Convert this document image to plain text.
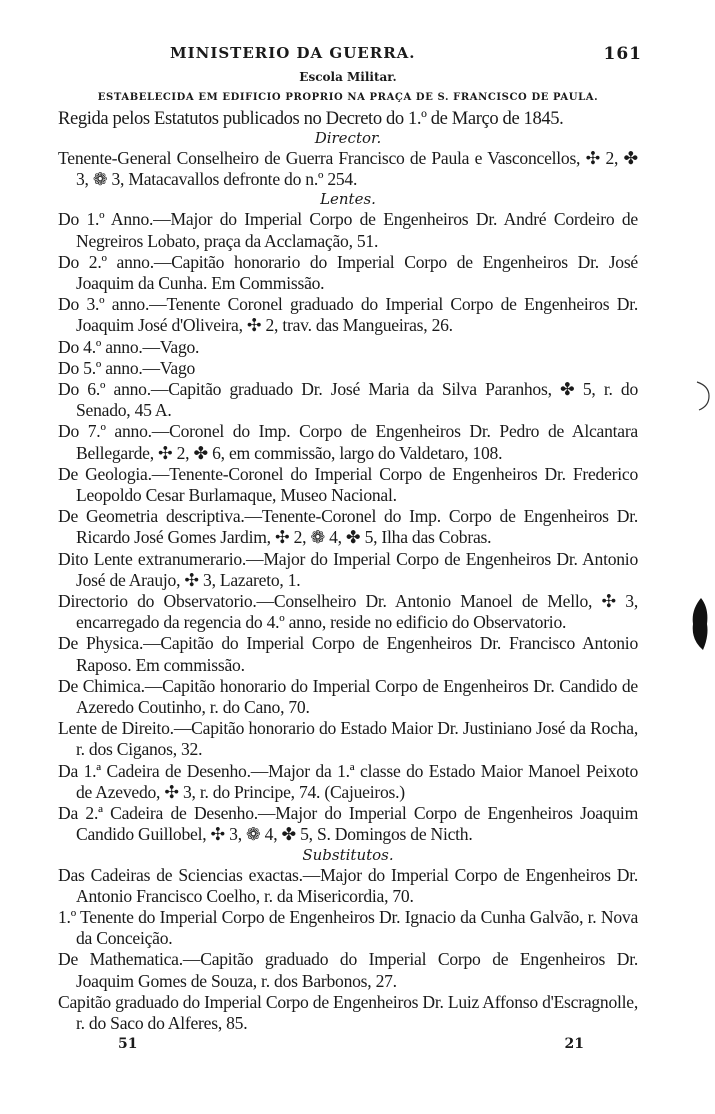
MINISTERIO DA GUERRA.	161
Escola Militar.
ESTABELECIDA EM EDIFICIO PROPRIO NA PRAÇA DE S. FRANCISCO DE PAULA.
Regida pelos Estatutos publicados no Decreto do 1.º de Março de 1845.
Director.
Tenente-General Conselheiro de Guerra Francisco de Paula e Vasconcellos, ✣ 2, ✤ 3, ❁ 3, Matacavallos defronte do n.º 254.
Lentes.
Do 1.º Anno.—Major do Imperial Corpo de Engenheiros Dr. André Cordeiro de Negreiros Lobato, praça da Acclamação, 51.
Do 2.º anno.—Capitão honorario do Imperial Corpo de Engenheiros Dr. José Joaquim da Cunha. Em Commissão.
Do 3.º anno.—Tenente Coronel graduado do Imperial Corpo de Engenheiros Dr. Joaquim José d'Oliveira, ✣ 2, trav. das Mangueiras, 26.
Do 4.º anno.—Vago.
Do 5.º anno.—Vago
Do 6.º anno.—Capitão graduado Dr. José Maria da Silva Paranhos, ✤ 5, r. do Senado, 45 A.
Do 7.º anno.—Coronel do Imp. Corpo de Engenheiros Dr. Pedro de Alcantara Bellegarde, ✣ 2, ✤ 6, em commissão, largo do Valdetaro, 108.
De Geologia.—Tenente-Coronel do Imperial Corpo de Engenheiros Dr. Frederico Leopoldo Cesar Burlamaque, Museo Nacional.
De Geometria descriptiva.—Tenente-Coronel do Imp. Corpo de Engenheiros Dr. Ricardo José Gomes Jardim, ✣ 2, ❁ 4, ✤ 5, Ilha das Cobras.
Dito Lente extranumerario.—Major do Imperial Corpo de Engenheiros Dr. Antonio José de Araujo, ✣ 3, Lazareto, 1.
Directorio do Observatorio.—Conselheiro Dr. Antonio Manoel de Mello, ✣ 3, encarregado da regencia do 4.º anno, reside no edificio do Observatorio.
De Physica.—Capitão do Imperial Corpo de Engenheiros Dr. Francisco Antonio Raposo. Em commissão.
De Chimica.—Capitão honorario do Imperial Corpo de Engenheiros Dr. Candido de Azeredo Coutinho, r. do Cano, 70.
Lente de Direito.—Capitão honorario do Estado Maior Dr. Justiniano José da Rocha, r. dos Ciganos, 32.
Da 1.ª Cadeira de Desenho.—Major da 1.ª classe do Estado Maior Manoel Peixoto de Azevedo, ✣ 3, r. do Principe, 74. (Cajueiros.)
Da 2.ª Cadeira de Desenho.—Major do Imperial Corpo de Engenheiros Joaquim Candido Guillobel, ✣ 3, ❁ 4, ✤ 5, S. Domingos de Nicth.
Substitutos.
Das Cadeiras de Sciencias exactas.—Major do Imperial Corpo de Engenheiros Dr. Antonio Francisco Coelho, r. da Misericordia, 70.
1.º Tenente do Imperial Corpo de Engenheiros Dr. Ignacio da Cunha Galvão, r. Nova da Conceição.
De Mathematica.—Capitão graduado do Imperial Corpo de Engenheiros Dr. Joaquim Gomes de Souza, r. dos Barbonos, 27.
Capitão graduado do Imperial Corpo de Engenheiros Dr. Luiz Affonso d'Escragnolle, r. do Saco do Alferes, 85.
51	21
